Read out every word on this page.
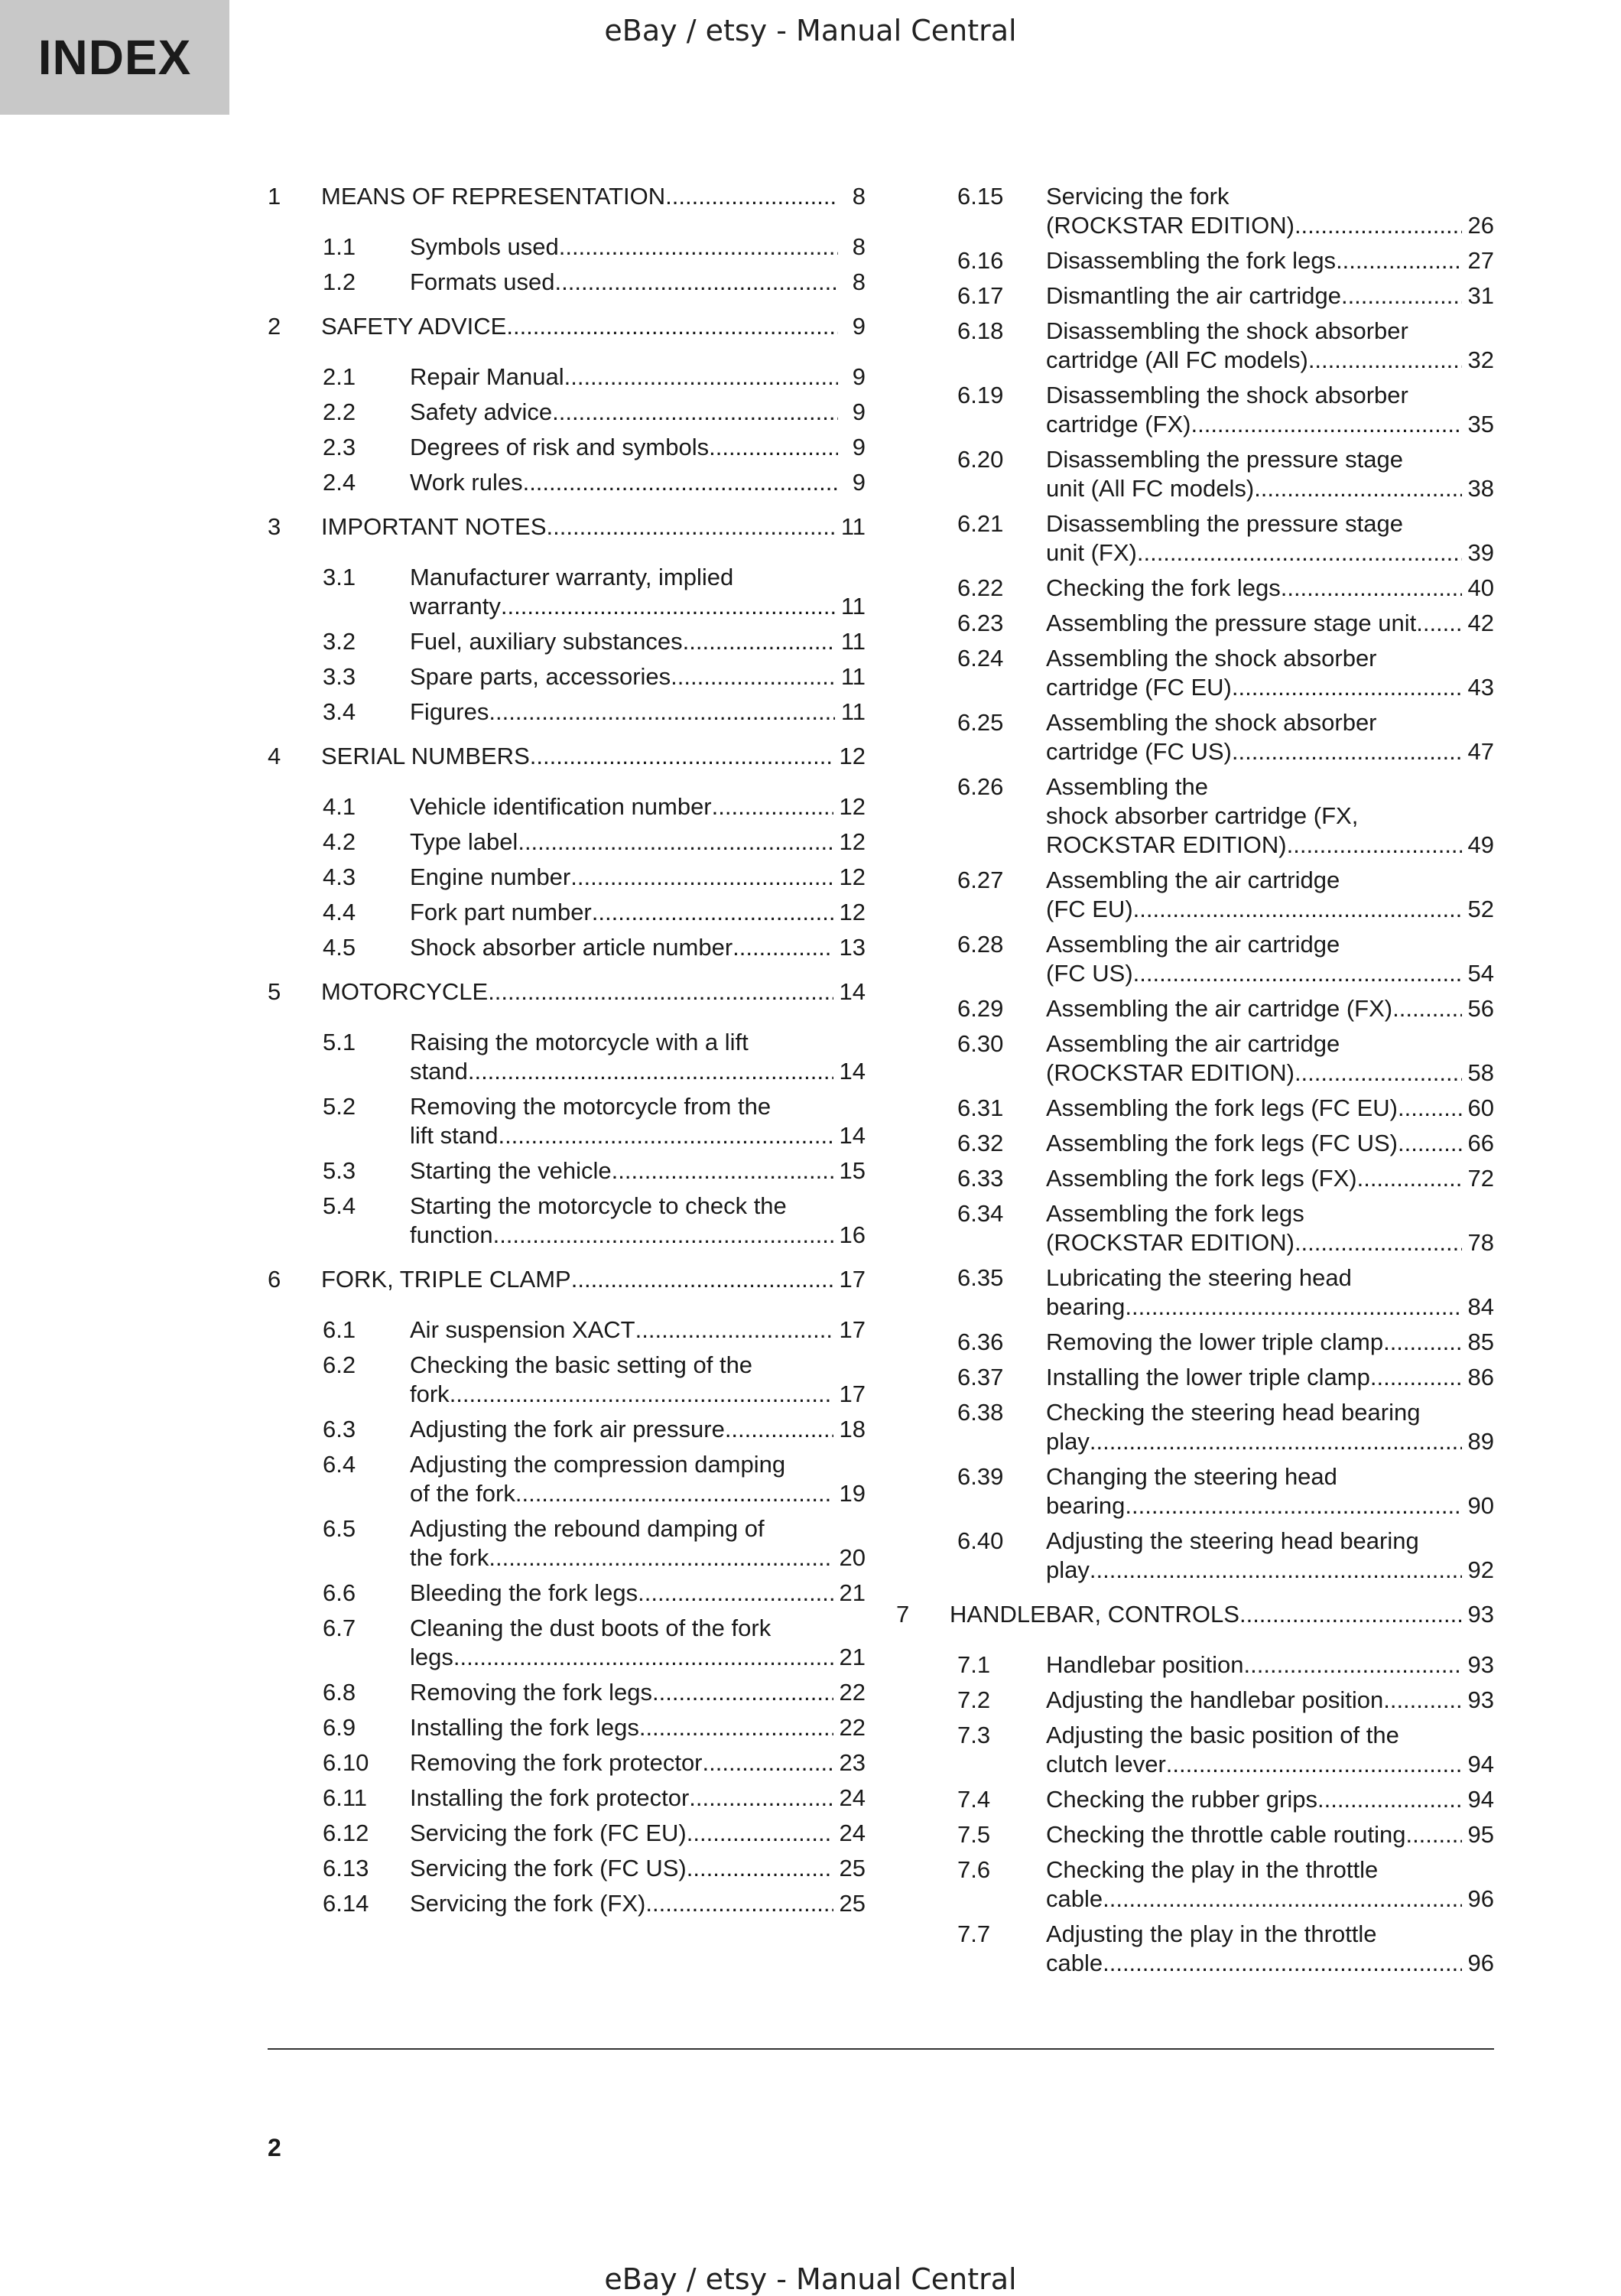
INDEX	eBay / etsy - Manual Central
1 MEANS OF REPRESENTATION .....	8
1.1 Symbols used .....	8
1.2 Formats used .....	8
2 SAFETY ADVICE .....	9
2.1 Repair Manual .....	9
2.2 Safety advice .....	9
2.3 Degrees of risk and symbols .....	9
2.4 Work rules .....	9
3 IMPORTANT NOTES .....	11
3.1 Manufacturer warranty, implied
warranty .....	11
3.2 Fuel, auxiliary substances .....	11
3.3 Spare parts, accessories .....	11
3.4 Figures .....	11
4 SERIAL NUMBERS .....	12
4.1 Vehicle identification number .....	12
4.2 Type label .....	12
4.3 Engine number .....	12
4.4 Fork part number .....	12
4.5 Shock absorber article number .....	13
5 MOTORCYCLE .....	14
5.1 Raising the motorcycle with a lift
stand .....	14
5.2 Removing the motorcycle from the
lift stand .....	14
5.3 Starting the vehicle .....	15
5.4 Starting the motorcycle to check the
function .....	16
6 FORK, TRIPLE CLAMP .....	17
6.1 Air suspension XACT .....	17
6.2 Checking the basic setting of the
fork .....	17
6.3 Adjusting the fork air pressure .....	18
6.4 Adjusting the compression damping
of the fork .....	19
6.5 Adjusting the rebound damping of
the fork .....	20
6.6 Bleeding the fork legs .....	21
6.7 Cleaning the dust boots of the fork
legs .....	21
6.8 Removing the fork legs .....	22
6.9 Installing the fork legs .....	22
6.10 Removing the fork protector .....	23
6.11 Installing the fork protector .....	24
6.12 Servicing the fork (FC EU) .....	24
6.13 Servicing the fork (FC US) .....	25
6.14 Servicing the fork (FX) .....	25
6.15 Servicing the fork
(ROCKSTAR EDITION) .....	26
6.16 Disassembling the fork legs .....	27
6.17 Dismantling the air cartridge .....	31
6.18 Disassembling the shock absorber
cartridge (All FC models) .....	32
6.19 Disassembling the shock absorber
cartridge (FX) .....	35
6.20 Disassembling the pressure stage
unit (All FC models) .....	38
6.21 Disassembling the pressure stage
unit (FX) .....	39
6.22 Checking the fork legs .....	40
6.23 Assembling the pressure stage unit ..... 42
6.24 Assembling the shock absorber
cartridge (FC EU) .....	43
6.25 Assembling the shock absorber
cartridge (FC US) .....	47
6.26 Assembling the
shock absorber cartridge (FX,
ROCKSTAR EDITION) .....	49
6.27 Assembling the air cartridge
(FC EU) .....	52
6.28 Assembling the air cartridge
(FC US) .....	54
6.29 Assembling the air cartridge (FX) .....	56
6.30 Assembling the air cartridge
(ROCKSTAR EDITION) .....	58
6.31 Assembling the fork legs (FC EU) .....	60
6.32 Assembling the fork legs (FC US) .....	66
6.33 Assembling the fork legs (FX) .....	72
6.34 Assembling the fork legs
(ROCKSTAR EDITION) .....	78
6.35 Lubricating the steering head
bearing .....	84
6.36 Removing the lower triple clamp .....	85
6.37 Installing the lower triple clamp .....	86
6.38 Checking the steering head bearing
play .....	89
6.39 Changing the steering head
bearing .....	90
6.40 Adjusting the steering head bearing
play .....	92
7 HANDLEBAR, CONTROLS .....	93
7.1 Handlebar position .....	93
7.2 Adjusting the handlebar position .....	93
7.3 Adjusting the basic position of the
clutch lever .....	94
7.4 Checking the rubber grips .....	94
7.5 Checking the throttle cable routing .....	95
7.6 Checking the play in the throttle
cable .....	96
7.7 Adjusting the play in the throttle
cable .....	96
2
eBay / etsy - Manual Central
